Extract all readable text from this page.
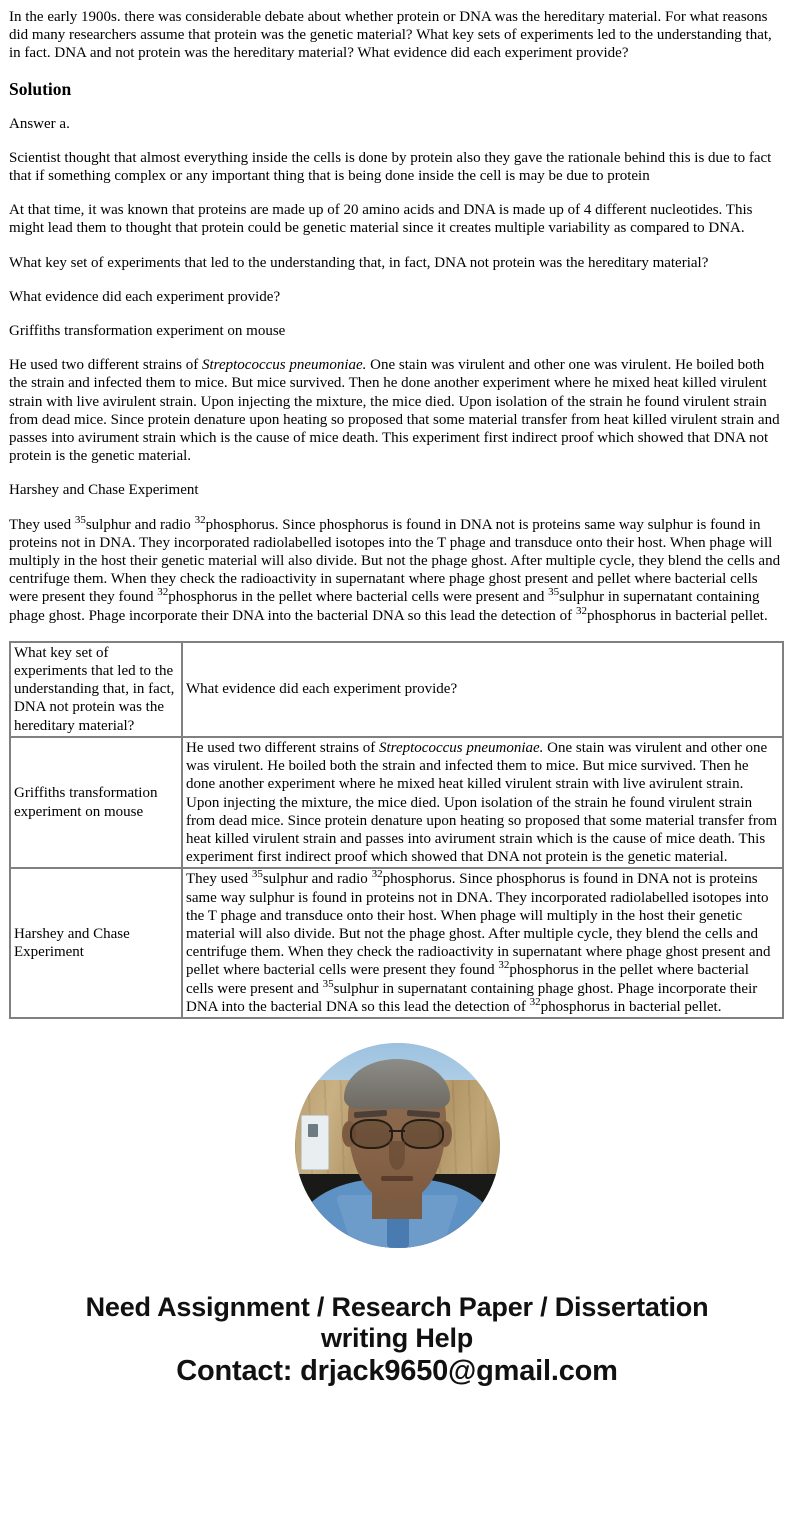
In the early 1900s. there was considerable debate about whether protein or DNA was the hereditary material. For what reasons did many researchers assume that protein was the genetic material? What key sets of experiments led to the understanding that, in fact. DNA and not protein was the hereditary material? What evidence did each experiment provide?

Solution

Answer a.

Scientist thought that almost everything inside the cells is done by protein also they gave the rationale behind this is due to fact that if something complex or any important thing that is being done inside the cell is may be due to protein

At that time, it was known that proteins are made up of 20 amino acids and DNA is made up of 4 different nucleotides. This might lead them to thought that protein could be genetic material since it creates multiple variability as compared to DNA.

What key set of experiments that led to the understanding that, in fact, DNA not protein was the hereditary material?

What evidence did each experiment provide?

Griffiths transformation experiment on mouse

He used two different strains of Streptococcus pneumoniae. One stain was virulent and other one was virulent. He boiled both the strain and infected them to mice. But mice survived. Then he done another experiment where he mixed heat killed virulent strain with live avirulent strain. Upon injecting the mixture, the mice died. Upon isolation of the strain he found virulent strain from dead mice. Since protein denature upon heating so proposed that some material transfer from heat killed virulent strain and passes into avirument strain which is the cause of mice death. This experiment first indirect proof which showed that DNA not protein is the genetic material.

Harshey and Chase Experiment

They used $^{35}$sulphur and radio $^{32}$phosphorus. Since phosphorus is found in DNA not is proteins same way sulphur is found in proteins not in DNA. They incorporated radiolabelled isotopes into the T phage and transduce onto their host. When phage will multiply in the host their genetic material will also divide. But not the phage ghost. After multiple cycle, they blend the cells and centrifuge them. When they check the radioactivity in supernatant where phage ghost present and pellet where bacterial cells were present they found $^{32}$phosphorus in the pellet where bacterial cells were present and $^{35}$sulphur in supernatant containing phage ghost. Phage incorporate their DNA into the bacterial DNA so this lead the detection of $^{32}$phosphorus in bacterial pellet.

What key set of experiments that led to the understanding that, in fact, DNA not protein was the hereditary material?	What evidence did each experiment provide?
Griffiths transformation experiment on mouse	He used two different strains of Streptococcus pneumoniae. One stain was virulent and other one was virulent. He boiled both the strain and infected them to mice. But mice survived. Then he done another experiment where he mixed heat killed virulent strain with live avirulent strain. Upon injecting the mixture, the mice died. Upon isolation of the strain he found virulent strain from dead mice. Since protein denature upon heating so proposed that some material transfer from heat killed virulent strain and passes into avirument strain which is the cause of mice death. This experiment first indirect proof which showed that DNA not protein is the genetic material.
Harshey and Chase Experiment	They used $^{35}$sulphur and radio $^{32}$phosphorus. Since phosphorus is found in DNA not is proteins same way sulphur is found in proteins not in DNA. They incorporated radiolabelled isotopes into the T phage and transduce onto their host. When phage will multiply in the host their genetic material will also divide. But not the phage ghost. After multiple cycle, they blend the cells and centrifuge them. When they check the radioactivity in supernatant where phage ghost present and pellet where bacterial cells were present they found $^{32}$phosphorus in the pellet where bacterial cells were present and $^{35}$sulphur in supernatant containing phage ghost. Phage incorporate their DNA into the bacterial DNA so this lead the detection of $^{32}$phosphorus in bacterial pellet.
Need Assignment / Research Paper / Dissertation
writing Help
Contact: drjack9650@gmail.com
